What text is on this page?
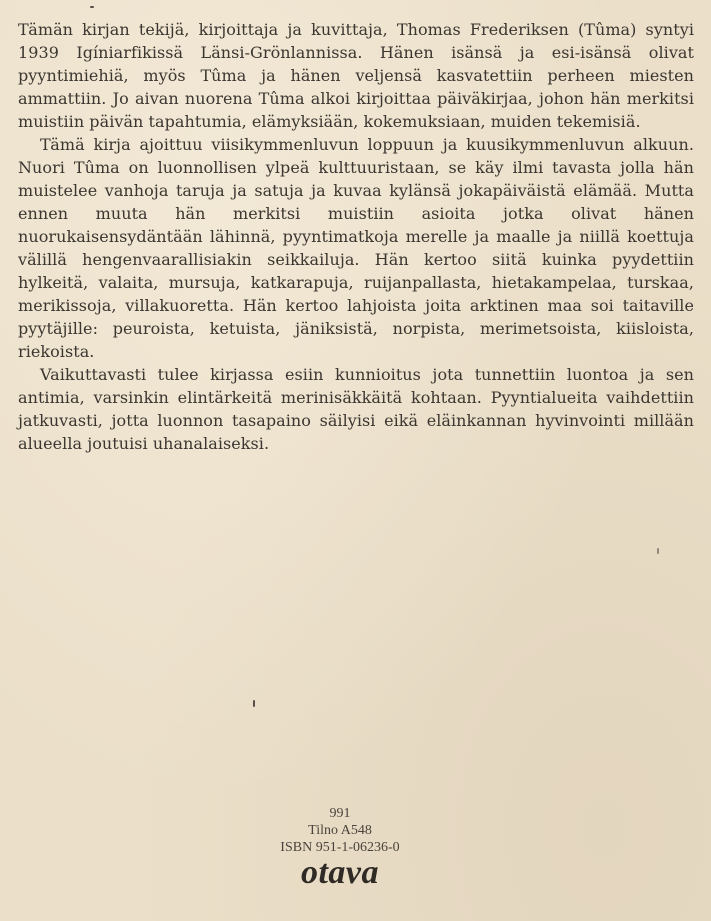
Tämän kirjan tekijä, kirjoittaja ja kuvittaja, Thomas Frederiksen (Tûma) syntyi 1939 Igíniarfikissä Länsi-Grönlannissa. Hänen isänsä ja esi-isänsä olivat pyyntimiehiä, myös Tûma ja hänen veljensä kasvatettiin perheen miesten ammattiin. Jo aivan nuorena Tûma alkoi kirjoittaa päiväkirjaa, johon hän merkitsi muistiin päivän tapahtumia, elämyksiään, kokemuksiaan, muiden tekemisiä.

Tämä kirja ajoittuu viisikymmenluvun loppuun ja kuusikymmenluvun alkuun. Nuori Tûma on luonnollisen ylpeä kulttuuristaan, se käy ilmi tavasta jolla hän muistelee vanhoja taruja ja satuja ja kuvaa kylänsä jokapäiväistä elämää. Mutta ennen muuta hän merkitsi muistiin asioita jotka olivat hänen nuorukaisensydäntään lähinnä, pyyntimatkoja merelle ja maalle ja niillä koettuja välillä hengenvaarallisiakin seikkailuja. Hän kertoo siitä kuinka pyydettiin hylkeitä, valaita, mursuja, katkarapuja, ruijanpallasta, hietakampelaa, turskaa, merikissoja, villakuoretta. Hän kertoo lahjoista joita arktinen maa soi taitaville pyytäjille: peuroista, ketuista, jäniksistä, norpista, merimetsoista, kiisloista, riekoista.

Vaikuttavasti tulee kirjassa esiin kunnioitus jota tunnettiin luontoa ja sen antimia, varsinkin elintärkeitä merinisäkkäitä kohtaan. Pyyntialueita vaihdettiin jatkuvasti, jotta luonnon tasapaino säilyisi eikä eläinkannan hyvinvointi millään alueella joutuisi uhanalaiseksi.

991
Tilno A548
ISBN 951-1-06236-0
otava
